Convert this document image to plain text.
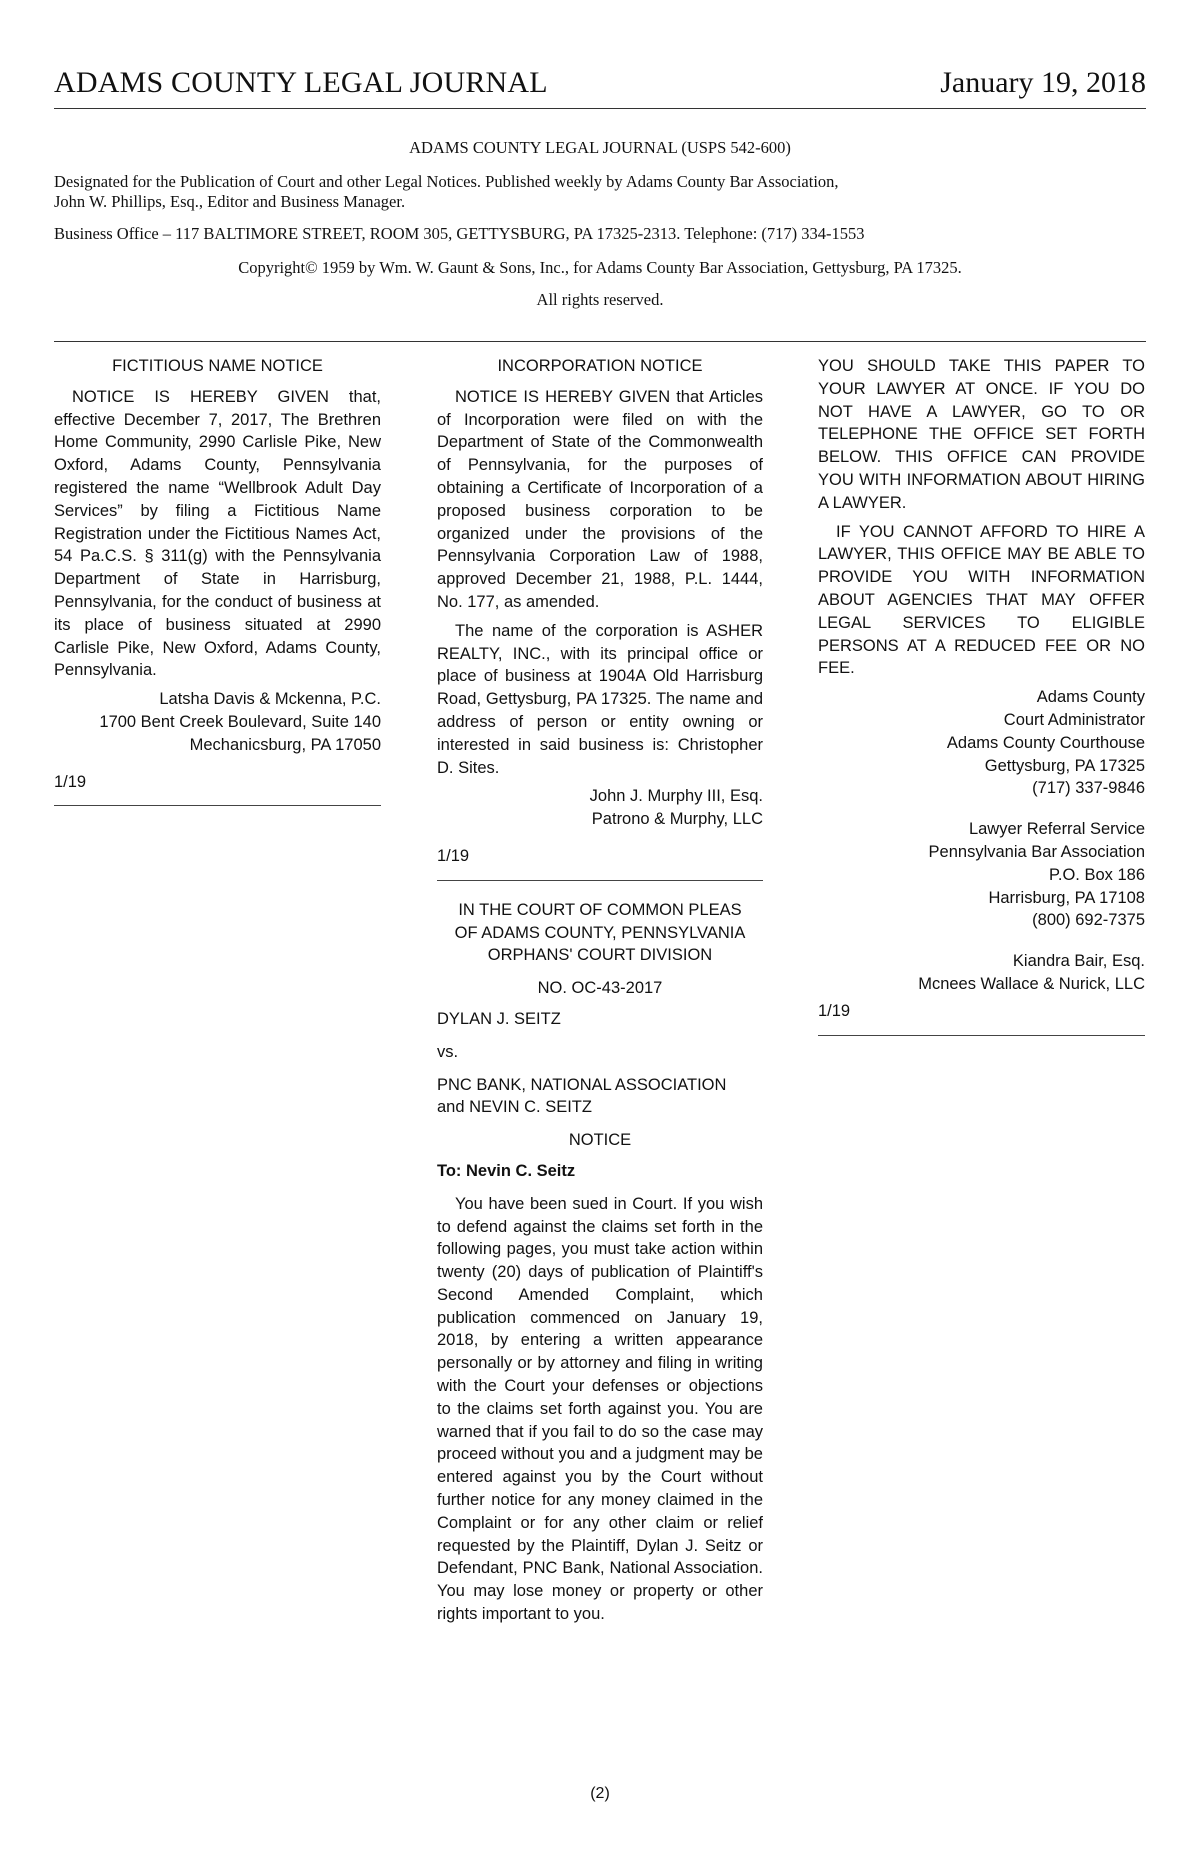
ADAMS COUNTY LEGAL JOURNAL	January 19, 2018
ADAMS COUNTY LEGAL JOURNAL (USPS 542-600)
Designated for the Publication of Court and other Legal Notices. Published weekly by Adams County Bar Association,
John W. Phillips, Esq., Editor and Business Manager.
Business Office – 117 BALTIMORE STREET, ROOM 305, GETTYSBURG, PA 17325-2313. Telephone: (717) 334-1553
Copyright© 1959 by Wm. W. Gaunt & Sons, Inc., for Adams County Bar Association, Gettysburg, PA 17325.
All rights reserved.
FICTITIOUS NAME NOTICE

NOTICE IS HEREBY GIVEN that, effective December 7, 2017, The Brethren Home Community, 2990 Carlisle Pike, New Oxford, Adams County, Pennsylvania registered the name “Wellbrook Adult Day Services” by filing a Fictitious Name Registration under the Fictitious Names Act, 54 Pa.C.S. § 311(g) with the Pennsylvania Department of State in Harrisburg, Pennsylvania, for the conduct of business at its place of business situated at 2990 Carlisle Pike, New Oxford, Adams County, Pennsylvania.

Latsha Davis & Mckenna, P.C.

1700 Bent Creek Boulevard, Suite 140

Mechanicsburg, PA 17050

1/19
INCORPORATION NOTICE

NOTICE IS HEREBY GIVEN that Articles of Incorporation were filed on with the Department of State of the Commonwealth of Pennsylvania, for the purposes of obtaining a Certificate of Incorporation of a proposed business corporation to be organized under the provisions of the Pennsylvania Corporation Law of 1988, approved December 21, 1988, P.L. 1444, No. 177, as amended.

The name of the corporation is ASHER REALTY, INC., with its principal office or place of business at 1904A Old Harrisburg Road, Gettysburg, PA 17325. The name and address of person or entity owning or interested in said business is: Christopher D. Sites.

John J. Murphy III, Esq.

Patrono & Murphy, LLC

1/19
IN THE COURT OF COMMON PLEAS
OF ADAMS COUNTY, PENNSYLVANIA
ORPHANS' COURT DIVISION
NO. OC-43-2017

DYLAN J. SEITZ

vs.

PNC BANK, NATIONAL ASSOCIATION and NEVIN C. SEITZ

NOTICE

To: Nevin C. Seitz

You have been sued in Court. If you wish to defend against the claims set forth in the following pages, you must take action within twenty (20) days of publication of Plaintiff's Second Amended Complaint, which publication commenced on January 19, 2018, by entering a written appearance personally or by attorney and filing in writing with the Court your defenses or objections to the claims set forth against you. You are warned that if you fail to do so the case may proceed without you and a judgment may be entered against you by the Court without further notice for any money claimed in the Complaint or for any other claim or relief requested by the Plaintiff, Dylan J. Seitz or Defendant, PNC Bank, National Association. You may lose money or property or other rights important to you.

YOU SHOULD TAKE THIS PAPER TO YOUR LAWYER AT ONCE. IF YOU DO NOT HAVE A LAWYER, GO TO OR TELEPHONE THE OFFICE SET FORTH BELOW. THIS OFFICE CAN PROVIDE YOU WITH INFORMATION ABOUT HIRING A LAWYER.

IF YOU CANNOT AFFORD TO HIRE A LAWYER, THIS OFFICE MAY BE ABLE TO PROVIDE YOU WITH INFORMATION ABOUT AGENCIES THAT MAY OFFER LEGAL SERVICES TO ELIGIBLE PERSONS AT A REDUCED FEE OR NO FEE.

Adams County

Court Administrator

Adams County Courthouse

Gettysburg, PA 17325

(717) 337-9846

Lawyer Referral Service

Pennsylvania Bar Association

P.O. Box 186

Harrisburg, PA 17108

(800) 692-7375

Kiandra Bair, Esq.

Mcnees Wallace & Nurick, LLC

1/19
(2)
